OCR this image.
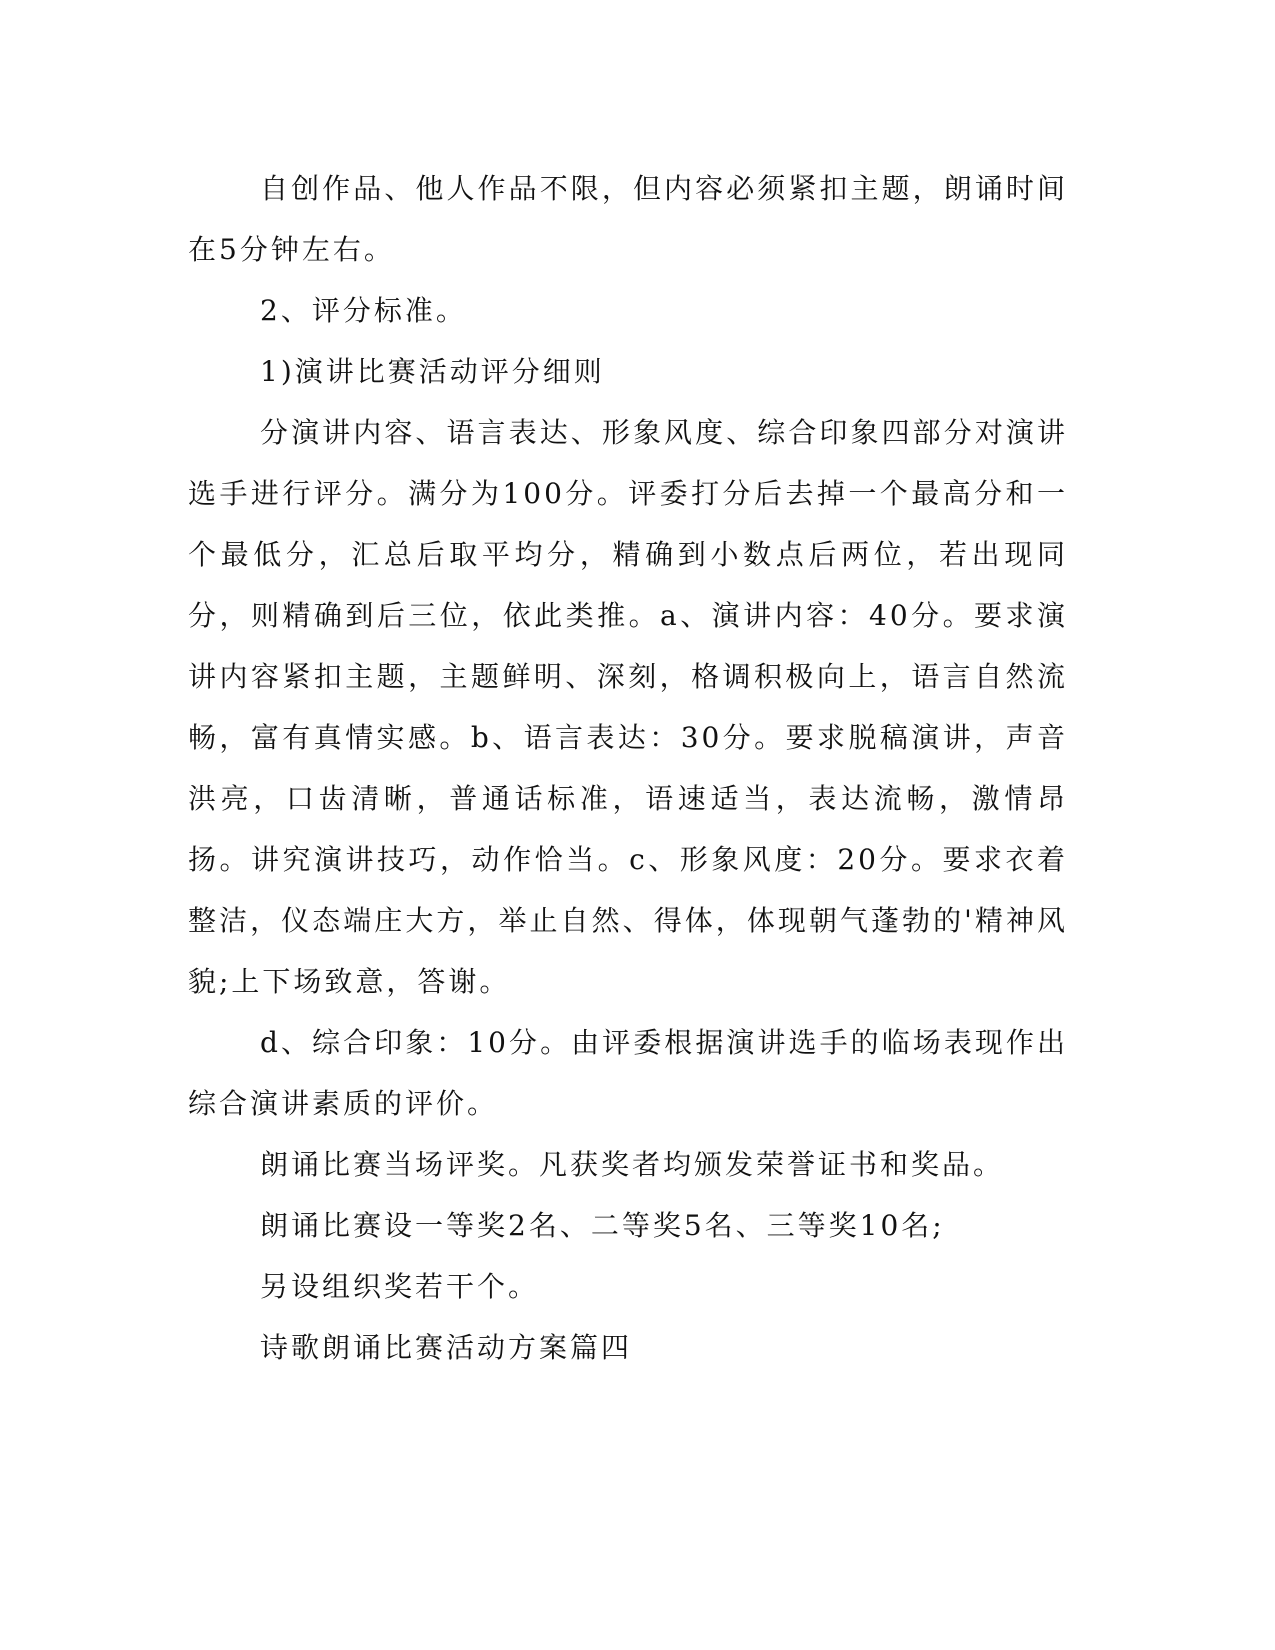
自创作品、他人作品不限，但内容必须紧扣主题，朗诵时间在5分钟左右。

2、评分标准。

1)演讲比赛活动评分细则

分演讲内容、语言表达、形象风度、综合印象四部分对演讲选手进行评分。满分为100分。评委打分后去掉一个最高分和一个最低分，汇总后取平均分，精确到小数点后两位，若出现同分，则精确到后三位，依此类推。a、演讲内容：40分。要求演讲内容紧扣主题，主题鲜明、深刻，格调积极向上，语言自然流畅，富有真情实感。b、语言表达：30分。要求脱稿演讲，声音洪亮，口齿清晰，普通话标准，语速适当，表达流畅，激情昂扬。讲究演讲技巧，动作恰当。c、形象风度：20分。要求衣着整洁，仪态端庄大方，举止自然、得体，体现朝气蓬勃的'精神风貌;上下场致意，答谢。

d、综合印象：10分。由评委根据演讲选手的临场表现作出综合演讲素质的评价。

朗诵比赛当场评奖。凡获奖者均颁发荣誉证书和奖品。

朗诵比赛设一等奖2名、二等奖5名、三等奖10名;

另设组织奖若干个。

诗歌朗诵比赛活动方案篇四
